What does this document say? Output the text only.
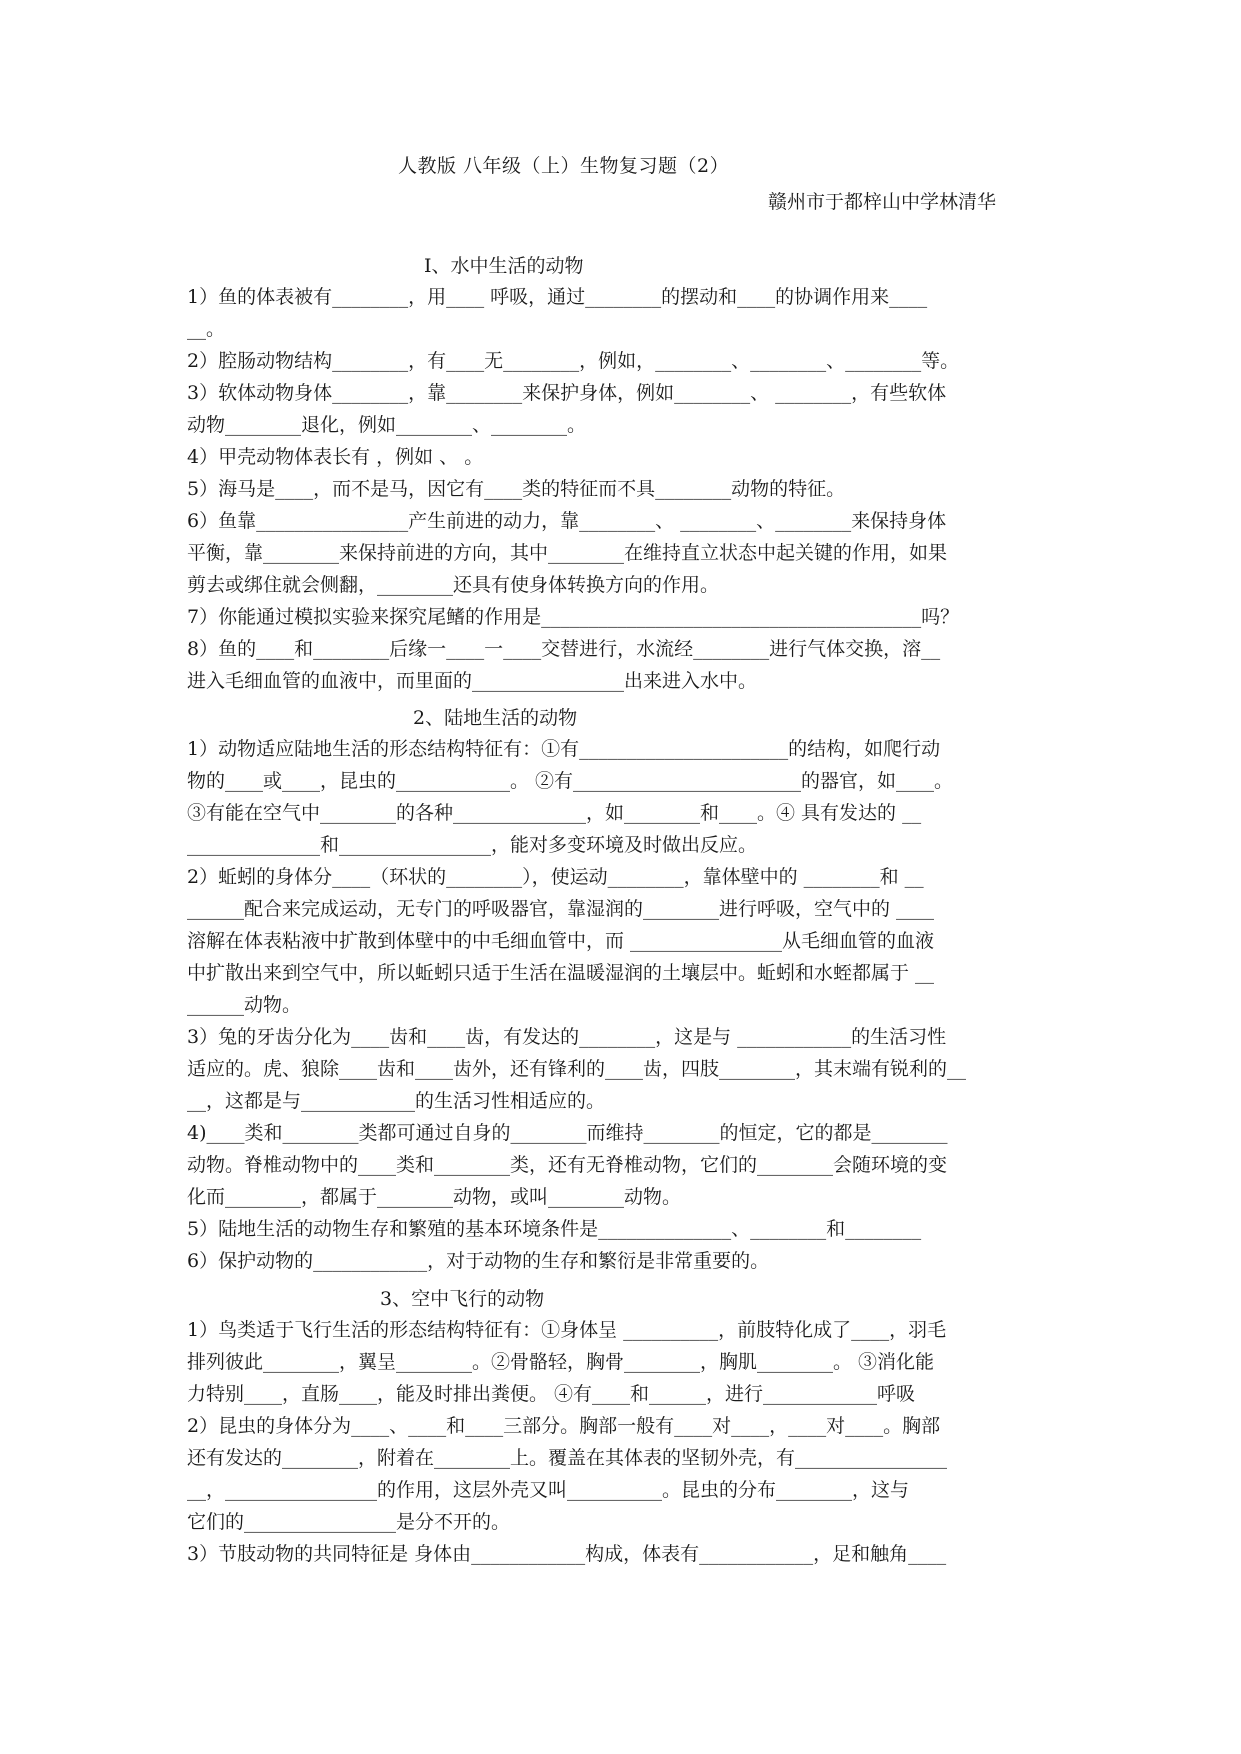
人教版 八年级（上）生物复习题（2）
赣州市于都梓山中学林清华
I、水中生活的动物
1）鱼的体表被有________，用____ 呼吸，通过________的摆动和____的协调作用来____
__。
2）腔肠动物结构________，有____无________，例如，________、________、________等。
3）软体动物身体________，靠________来保护身体，例如________、 ________，有些软体
动物________退化，例如________、________。
4）甲壳动物体表长有 ，例如 、 。
5）海马是____，而不是马，因它有____类的特征而不具________动物的特征。
6）鱼靠________________产生前进的动力，靠________、 ________、________来保持身体
平衡，靠________来保持前进的方向，其中________在维持直立状态中起关键的作用，如果
剪去或绑住就会侧翻，________还具有使身体转换方向的作用。
7）你能通过模拟实验来探究尾鳍的作用是________________________________________吗？
8）鱼的____和________后缘一____一____交替进行，水流经________进行气体交换，溶__
进入毛细血管的血液中，而里面的________________出来进入水中。
2、陆地生活的动物
1）动物适应陆地生活的形态结构特征有：①有______________________的结构，如爬行动
物的____或____，昆虫的____________。 ②有________________________的器官，如____。
③有能在空气中________的各种______________，如________和____。④ 具有发达的 __
______________和________________，能对多变环境及时做出反应。
2）蚯蚓的身体分____（环状的________），使运动________，靠体壁中的 ________和 __
______配合来完成运动，无专门的呼吸器官，靠湿润的________进行呼吸，空气中的 ____
溶解在体表粘液中扩散到体壁中的中毛细血管中，而 ________________从毛细血管的血液
中扩散出来到空气中，所以蚯蚓只适于生活在温暖湿润的土壤层中。蚯蚓和水蛭都属于 __
______动物。
3）兔的牙齿分化为____齿和____齿，有发达的________，这是与 ____________的生活习性
适应的。虎、狼除____齿和____齿外，还有锋利的____齿，四肢________，其末端有锐利的__
__，这都是与____________的生活习性相适应的。
4)____类和________类都可通过自身的________而维持________的恒定，它的都是________
动物。脊椎动物中的____类和________类，还有无脊椎动物，它们的________会随环境的变
化而________，都属于________动物，或叫________动物。
5）陆地生活的动物生存和繁殖的基本环境条件是______________、________和________
6）保护动物的____________，对于动物的生存和繁衍是非常重要的。
3、空中飞行的动物
1）鸟类适于飞行生活的形态结构特征有：①身体呈 __________，前肢特化成了____，羽毛
排列彼此________，翼呈________。②骨骼轻，胸骨________，胸肌________。 ③消化能
力特别____，直肠____，能及时排出粪便。 ④有____和______，进行____________呼吸
2）昆虫的身体分为____、____和____三部分。胸部一般有____对____，____对____。胸部
还有发达的________，附着在________上。覆盖在其体表的坚韧外壳，有________________
__，________________的作用，这层外壳又叫__________。昆虫的分布________，这与
它们的________________是分不开的。
3）节肢动物的共同特征是 身体由____________构成，体表有____________，足和触角____
